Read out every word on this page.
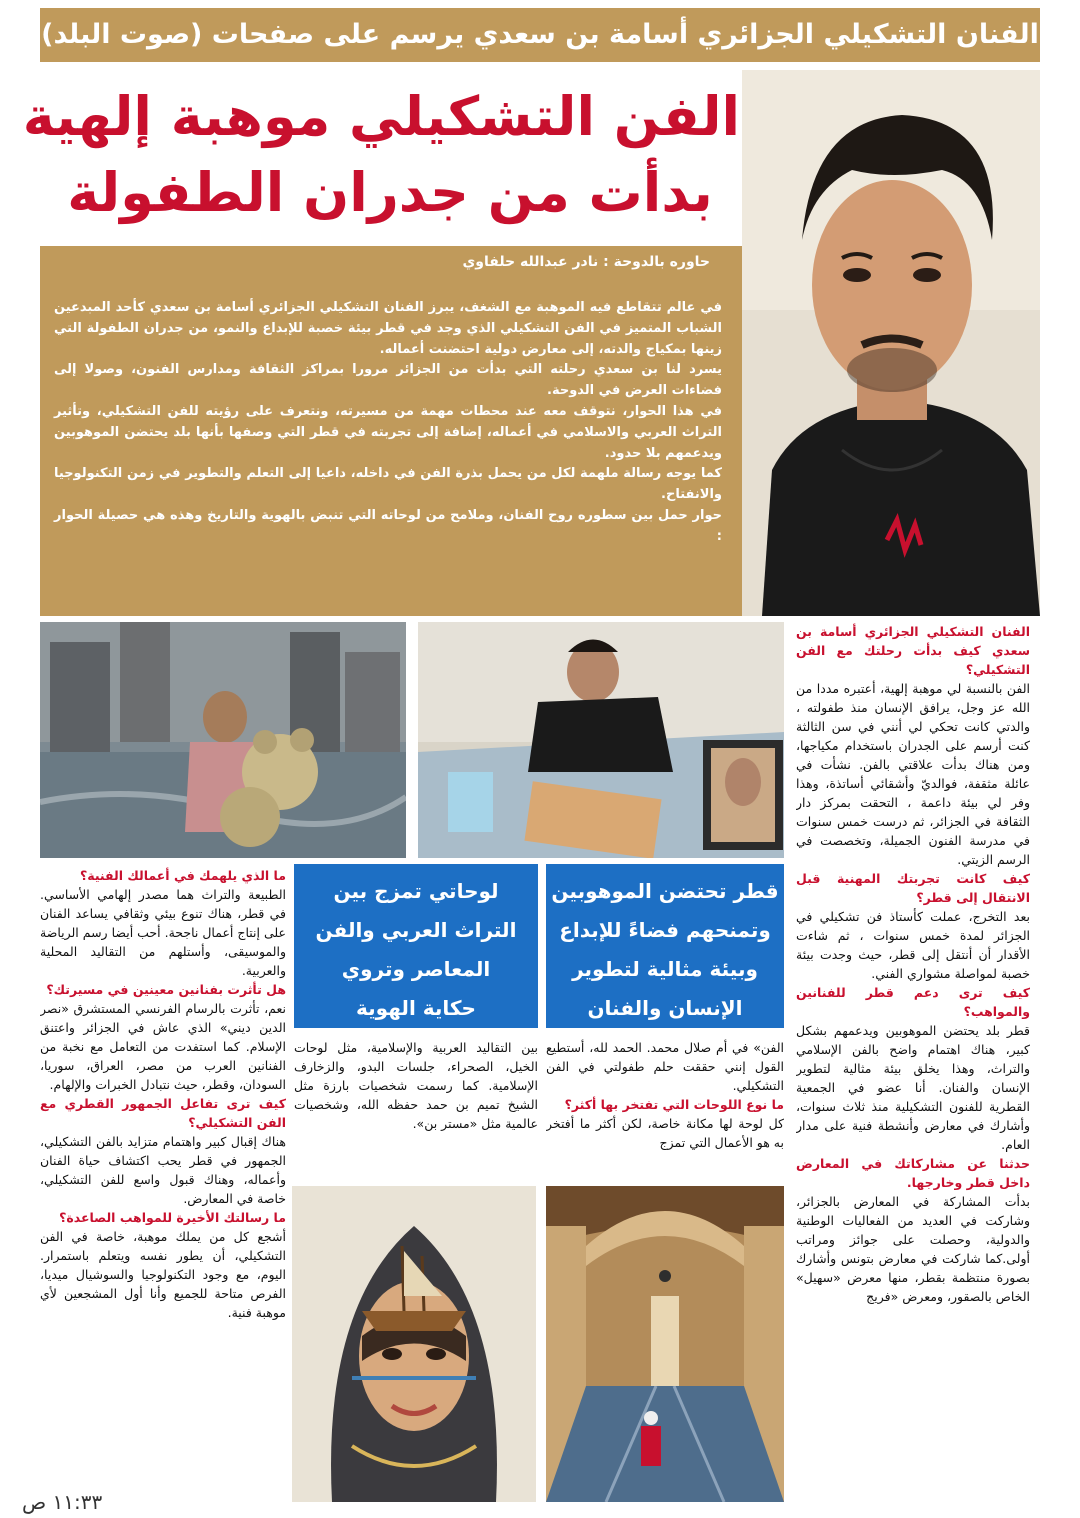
الفنان التشكيلي الجزائري أسامة بن سعدي يرسم على صفحات (صوت البلد)
الفن التشكيلي موهبة إلهية
بدأت من جدران الطفولة
حاوره بالدوحة : نادر عبدالله حلفاوي

في عالم تتقاطع فيه الموهبة مع الشغف، يبرز الفنان التشكيلي الجزائري أسامة بن سعدي كأحد المبدعين الشباب المتميز في الفن التشكيلي الذي وجد في قطر بيئة خصبة للإبداع والنمو، من جدران الطفولة التي زينها بمكياج والدته، إلى معارض دولية احتضنت أعماله.

يسرد لنا بن سعدي رحلته التي بدأت من الجزائر مرورا بمراكز الثقافة ومدارس الفنون، وصولا إلى فضاءات العرض في الدوحة.

في هذا الحوار، نتوقف معه عند محطات مهمة من مسيرته، ونتعرف على رؤيته للفن التشكيلي، وتأثير التراث العربي والاسلامي في أعماله، إضافة إلى تجربته في قطر التي وصفها بأنها بلد يحتضن الموهوبين ويدعمهم بلا حدود.

كما يوجه رسالة ملهمة لكل من يحمل بذرة الفن في داخله، داعيا إلى التعلم والتطوير في زمن التكنولوجيا والانفتاح.

حوار حمل بين سطوره روح الفنان، وملامح من لوحاته التي تنبض بالهوية والتاريخ وهذه هي حصيلة الحوار :

الفنان التشكيلي الجزائري أسامة بن سعدي كيف بدأت رحلتك مع الفن التشكيلي؟

الفن بالنسبة لي موهبة إلهية، أعتبره مددا من الله عز وجل، يرافق الإنسان منذ طفولته ، والدتي كانت تحكي لي أنني في سن الثالثة كنت أرسم على الجدران باستخدام مكياجها، ومن هناك بدأت علاقتي بالفن. نشأت في عائلة مثقفة، فوالديّ وأشقائي أساتذة، وهذا وفر لي بيئة داعمة ، التحقت بمركز دار الثقافة في الجزائر، ثم درست خمس سنوات في مدرسة الفنون الجميلة، وتخصصت في الرسم الزيتي.

كيف كانت تجربتك المهنية قبل الانتقال إلى قطر؟

بعد التخرج، عملت كأستاذ فن تشكيلي في الجزائر لمدة خمس سنوات ، ثم شاءت الأقدار أن أنتقل إلى قطر، حيث وجدت بيئة خصبة لمواصلة مشواري الفني.

كيف ترى دعم قطر للفنانين والمواهب؟

قطر بلد يحتضن الموهوبين ويدعمهم بشكل كبير، هناك اهتمام واضح بالفن الإسلامي والتراث، وهذا يخلق بيئة مثالية لتطوير الإنسان والفنان. أنا عضو في الجمعية القطرية للفنون التشكيلية منذ ثلاث سنوات، وأشارك في معارض وأنشطة فنية على مدار العام.

حدثنا عن مشاركاتك في المعارض داخل قطر وخارجها.

بدأت المشاركة في المعارض بالجزائر، وشاركت في العديد من الفعاليات الوطنية والدولية، وحصلت على جوائز ومراتب أولى.كما شاركت في معارض بتونس وأشارك بصورة منتظمة بقطر، منها معرض «سهيل» الخاص بالصقور، ومعرض «فريج

قطر تحتضن الموهوبين
وتمنحهم فضاءً للإبداع
وبيئة مثالية لتطوير
الإنسان والفنان
لوحاتي تمزج بين
التراث العربي والفن
المعاصر وتروي
حكاية الهوية

الفن» في أم صلال محمد. الحمد لله، أستطيع القول إنني حققت حلم طفولتي في الفن التشكيلي.

ما نوع اللوحات التي تفتخر بها أكثر؟

كل لوحة لها مكانة خاصة، لكن أكثر ما أفتخر به هو الأعمال التي تمزج

بين التقاليد العربية والإسلامية، مثل لوحات الخيل، الصحراء، جلسات البدو، والزخارف الإسلامية. كما رسمت شخصيات بارزة مثل الشيخ تميم بن حمد حفظه الله، وشخصيات عالمية مثل «مستر بن».

ما الذي يلهمك في أعمالك الفنية؟

الطبيعة والتراث هما مصدر إلهامي الأساسي. في قطر، هناك تنوع بيئي وثقافي يساعد الفنان على إنتاج أعمال ناجحة. أحب أيضا رسم الرياضة والموسيقى، وأستلهم من التقاليد المحلية والعربية.

هل تأثرت بفنانين معينين في مسيرتك؟

نعم، تأثرت بالرسام الفرنسي المستشرق «نصر الدين ديني» الذي عاش في الجزائر واعتنق الإسلام. كما استفدت من التعامل مع نخبة من الفنانين العرب من مصر، العراق، سوريا، السودان، وقطر، حيث نتبادل الخبرات والإلهام.

كيف ترى تفاعل الجمهور القطري مع الفن التشكيلي؟

هناك إقبال كبير واهتمام متزايد بالفن التشكيلي، الجمهور في قطر يحب اكتشاف حياة الفنان وأعماله، وهناك قبول واسع للفن التشكيلي، خاصة في المعارض.

ما رسالتك الأخيرة للمواهب الصاعدة؟

أشجع كل من يملك موهبة، خاصة في الفن التشكيلي، أن يطور نفسه ويتعلم باستمرار. اليوم، مع وجود التكنولوجيا والسوشيال ميديا، الفرص متاحة للجميع وأنا أول المشجعين لأي موهبة فنية.

١١:٣٣ ص
